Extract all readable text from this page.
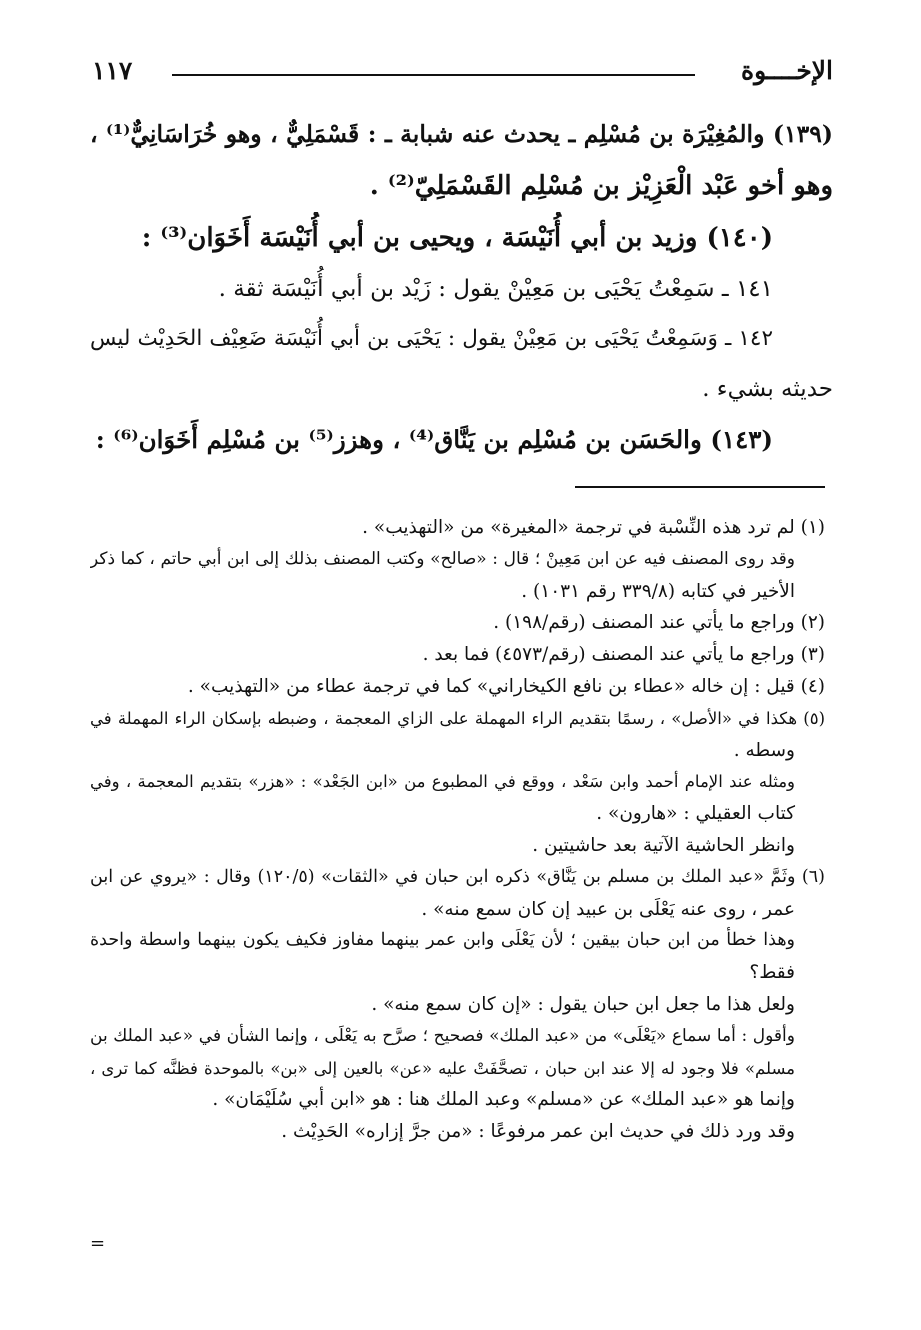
الإخــــوة
١١٧

(١٣٩) والمُغِيْرَة بن مُسْلِم ـ يحدث عنه شبابة ـ : قَسْمَلِيٌّ ، وهو خُرَاسَانِيٌّ⁽¹⁾ ،

وهو أخو عَبْد الْعَزِيْز بن مُسْلِم القَسْمَلِيّ⁽²⁾ .

(١٤٠) وزيد بن أبي أُنَيْسَة ، ويحيى بن أبي أُنَيْسَة أَخَوَان⁽³⁾ :

١٤١ ـ سَمِعْتُ يَحْيَى بن مَعِيْنْ يقول : زَيْد بن أبي أُنَيْسَة ثقة .

١٤٢ ـ وَسَمِعْتُ يَحْيَى بن مَعِيْنْ يقول : يَحْيَى بن أبي أُنَيْسَة ضَعِيْف الحَدِيْث ليس

حديثه بشيء .

(١٤٣) والحَسَن بن مُسْلِم بن يَنَّاق⁽⁴⁾ ، وهزز⁽⁵⁾ بن مُسْلِم أَخَوَان⁽⁶⁾ :

(١) لم ترد هذه النِّسْبة في ترجمة «المغيرة» من «التهذيب» .

وقد روى المصنف فيه عن ابن مَعِينْ ؛ قال : «صالح» وكتب المصنف بذلك إلى ابن أبي حاتم ، كما ذكر

الأخير في كتابه (٣٣٩/٨ رقم ١٠٣١) .

(٢) وراجع ما يأتي عند المصنف (رقم/١٩٨) .

(٣) وراجع ما يأتي عند المصنف (رقم/٤٥٧٣) فما بعد .

(٤) قيل : إن خاله «عطاء بن نافع الكيخاراني» كما في ترجمة عطاء من «التهذيب» .

(٥) هكذا في «الأصل» ، رسمًا بتقديم الراء المهملة على الزاي المعجمة ، وضبطه بإسكان الراء المهملة في

وسطه .

ومثله عند الإمام أحمد وابن سَعْد ، ووقع في المطبوع من «ابن الجَعْد» : «هزر» بتقديم المعجمة ، وفي

كتاب العقيلي : «هارون» .

وانظر الحاشية الآتية بعد حاشيتين .

(٦) وثَمَّ «عبد الملك بن مسلم بن يَنَّاق» ذكره ابن حبان في «الثقات» (١٢٠/٥) وقال : «يروي عن ابن

عمر ، روى عنه يَعْلَى بن عبيد إن كان سمع منه» .

وهذا خطأ من ابن حبان بيقين ؛ لأن يَعْلَى وابن عمر بينهما مفاوز فكيف يكون بينهما واسطة واحدة

فقط؟

ولعل هذا ما جعل ابن حبان يقول : «إن كان سمع منه» .

وأقول : أما سماع «يَعْلَى» من «عبد الملك» فصحيح ؛ صرَّح به يَعْلَى ، وإنما الشأن في «عبد الملك بن

مسلم» فلا وجود له إلا عند ابن حبان ، تصحَّفَتْ عليه «عن» بالعين إلى «بن» بالموحدة فظنَّه كما ترى ،

وإنما هو «عبد الملك» عن «مسلم» وعبد الملك هنا : هو «ابن أبي سُلَيْمَان» .

وقد ورد ذلك في حديث ابن عمر مرفوعًا : «من جرَّ إزاره» الحَدِيْث .

=
